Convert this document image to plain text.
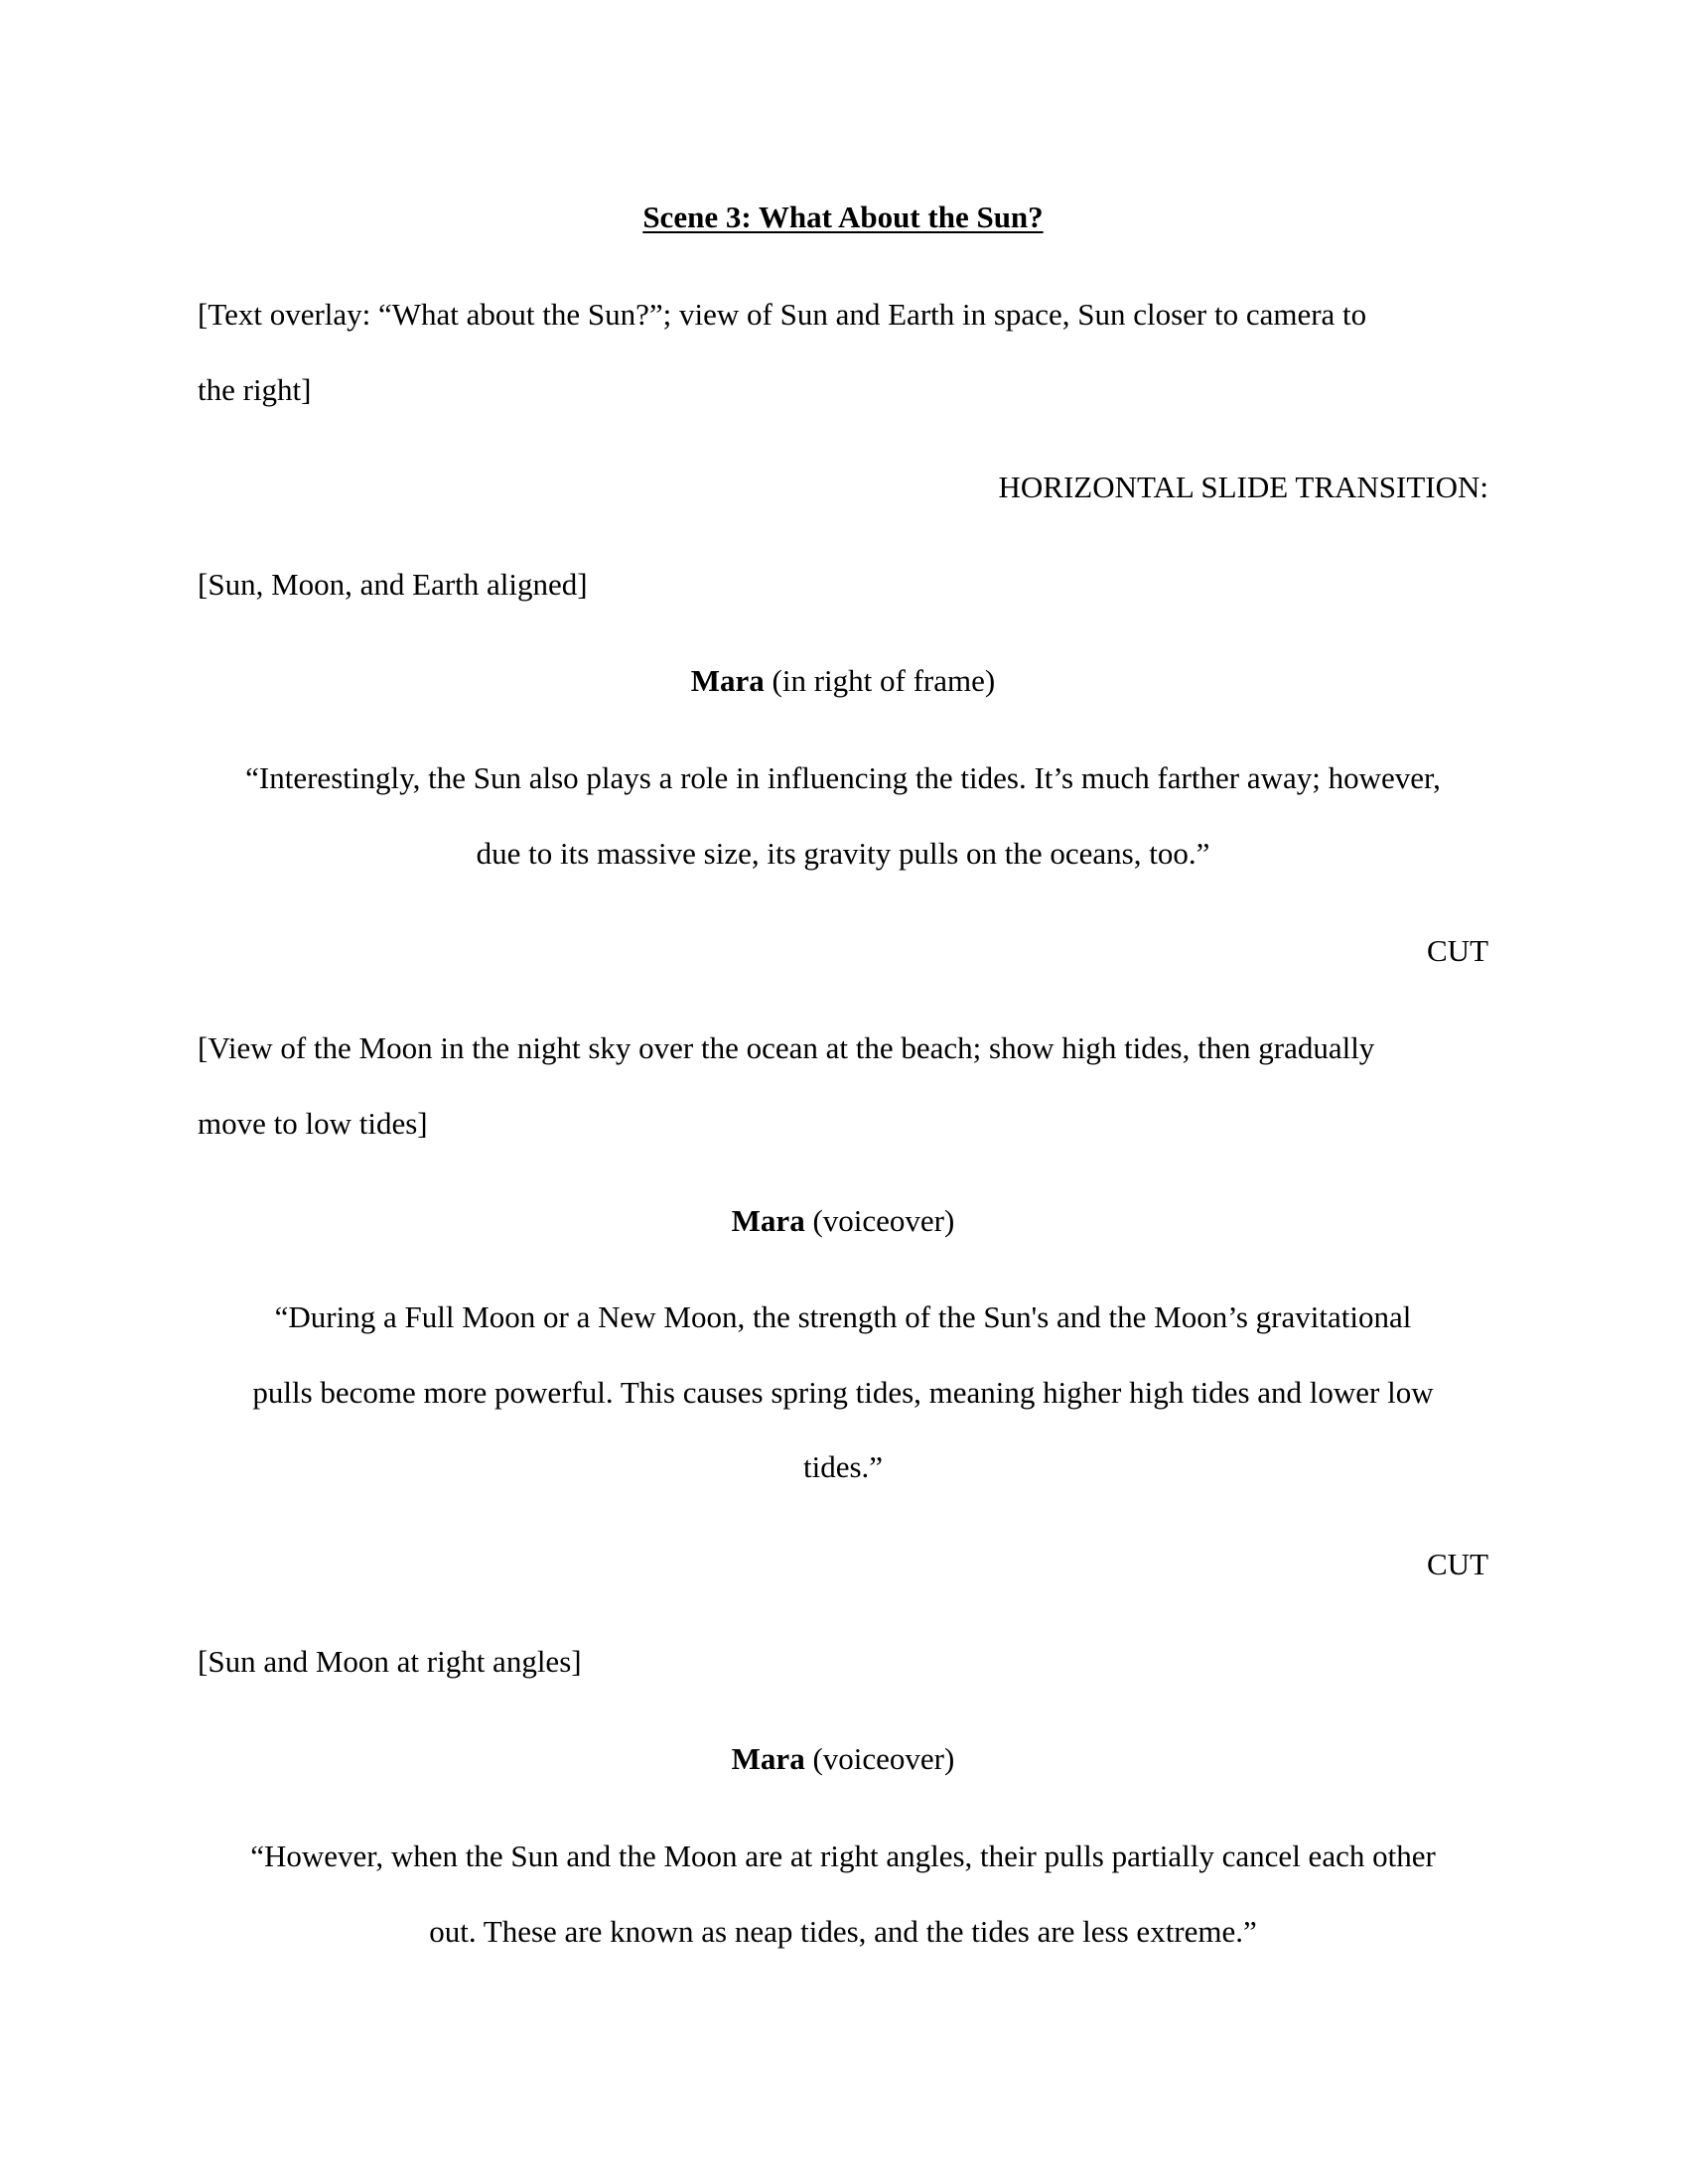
Scene 3: What About the Sun?
[Text overlay: “What about the Sun?”; view of Sun and Earth in space, Sun closer to camera to
the right]
HORIZONTAL SLIDE TRANSITION:
[Sun, Moon, and Earth aligned]
Mara (in right of frame)
“Interestingly, the Sun also plays a role in influencing the tides. It’s much farther away; however,
due to its massive size, its gravity pulls on the oceans, too.”
CUT
[View of the Moon in the night sky over the ocean at the beach; show high tides, then gradually
move to low tides]
Mara (voiceover)
“During a Full Moon or a New Moon, the strength of the Sun's and the Moon’s gravitational
pulls become more powerful. This causes spring tides, meaning higher high tides and lower low
tides.”
CUT
[Sun and Moon at right angles]
Mara (voiceover)
“However, when the Sun and the Moon are at right angles, their pulls partially cancel each other
out. These are known as neap tides, and the tides are less extreme.”
